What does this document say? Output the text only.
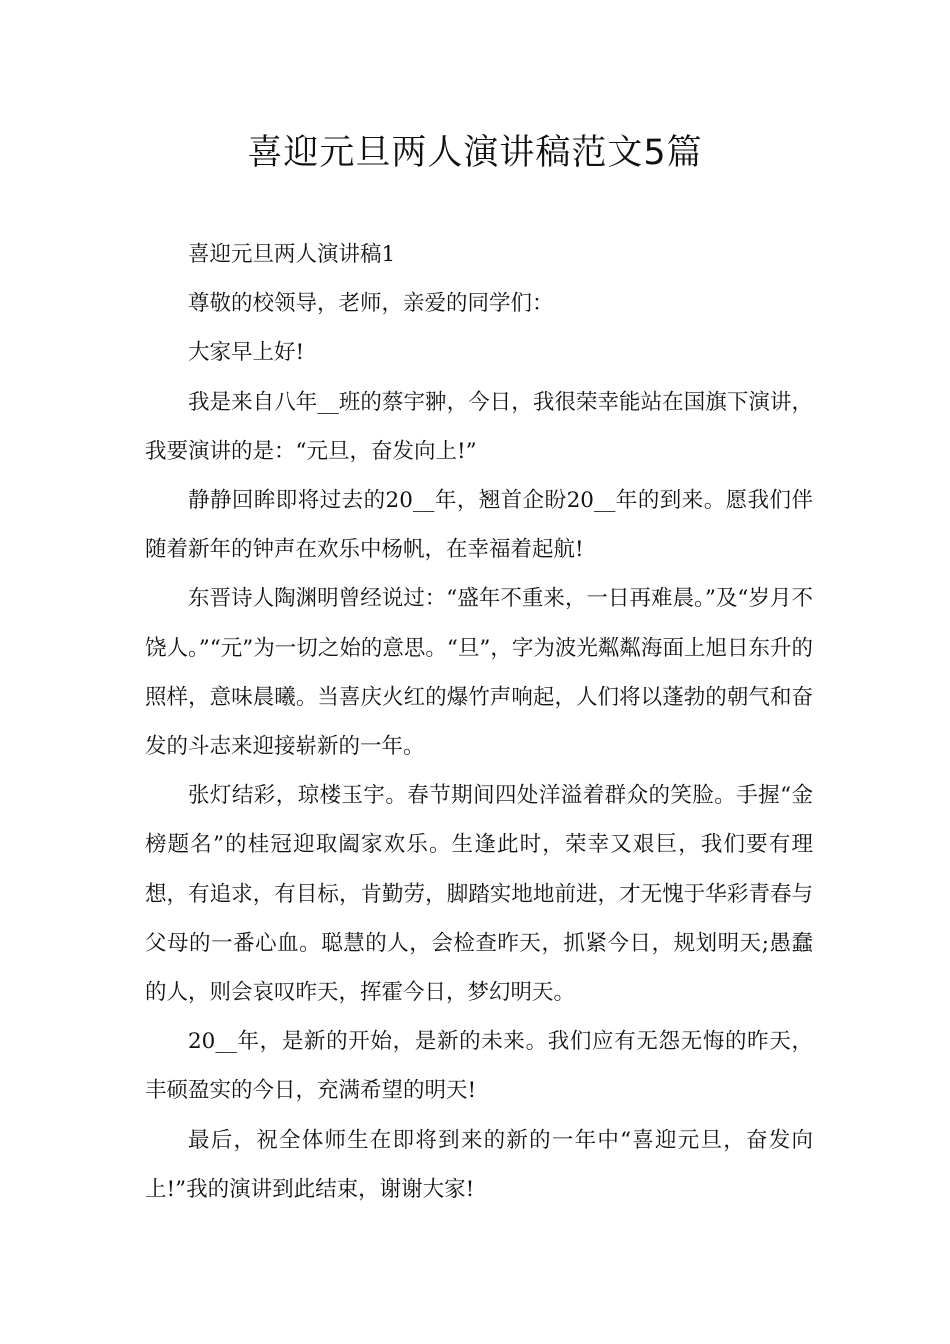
喜迎元旦两人演讲稿范文5篇

喜迎元旦两人演讲稿1

尊敬的校领导，老师，亲爱的同学们：

大家早上好!

我是来自八年__班的蔡宇翀，今日，我很荣幸能站在国旗下演讲，我要演讲的是：“元旦，奋发向上!”

静静回眸即将过去的20__年，翘首企盼20__年的到来。愿我们伴随着新年的钟声在欢乐中杨帆，在幸福着起航!

东晋诗人陶渊明曾经说过：“盛年不重来，一日再难晨。”及“岁月不饶人。”“元”为一切之始的意思。“旦”，字为波光粼粼海面上旭日东升的照样，意味晨曦。当喜庆火红的爆竹声响起，人们将以蓬勃的朝气和奋发的斗志来迎接崭新的一年。

张灯结彩，琼楼玉宇。春节期间四处洋溢着群众的笑脸。手握“金榜题名”的桂冠迎取阖家欢乐。生逢此时，荣幸又艰巨，我们要有理想，有追求，有目标，肯勤劳，脚踏实地地前进，才无愧于华彩青春与父母的一番心血。聪慧的人，会检查昨天，抓紧今日，规划明天;愚蠢的人，则会哀叹昨天，挥霍今日，梦幻明天。

20__年，是新的开始，是新的未来。我们应有无怨无悔的昨天，丰硕盈实的今日，充满希望的明天!

最后，祝全体师生在即将到来的新的一年中“喜迎元旦，奋发向上!”我的演讲到此结束，谢谢大家!
